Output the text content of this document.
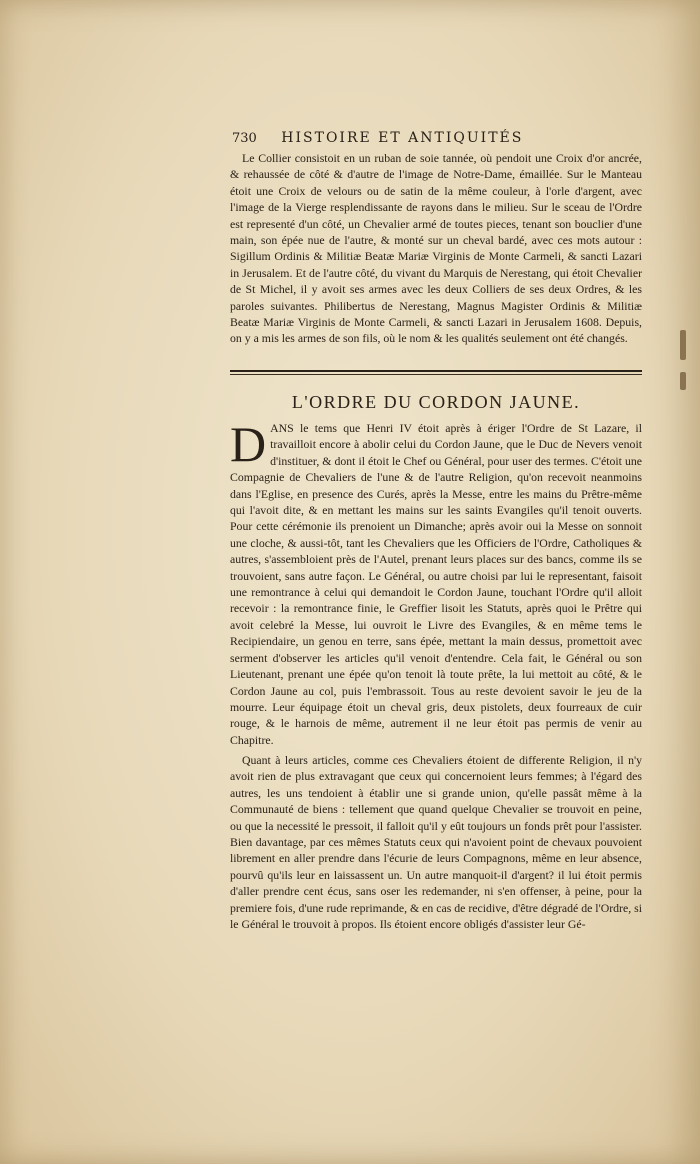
730 HISTOIRE ET ANTIQUITÉS
Le Collier consistoit en un ruban de soie tannée, où pendoit une Croix d'or ancrée, & rehaussée de côté & d'autre de l'image de Notre-Dame, émaillée. Sur le Manteau étoit une Croix de velours ou de satin de la même couleur, à l'orle d'argent, avec l'image de la Vierge resplendissante de rayons dans le milieu. Sur le sceau de l'Ordre est representé d'un côté, un Chevalier armé de toutes pieces, tenant son bouclier d'une main, son épée nue de l'autre, & monté sur un cheval bardé, avec ces mots autour : Sigillum Ordinis & Militiæ Beatæ Mariæ Virginis de Monte Carmeli, & sancti Lazari in Jerusalem. Et de l'autre côté, du vivant du Marquis de Nerestang, qui étoit Chevalier de St Michel, il y avoit ses armes avec les deux Colliers de ses deux Ordres, & les paroles suivantes. Philibertus de Nerestang, Magnus Magister Ordinis & Militiæ Beatæ Mariæ Virginis de Monte Carmeli, & sancti Lazari in Jerusalem 1608. Depuis, on y a mis les armes de son fils, où le nom & les qualités seulement ont été changés.
L'ORDRE DU CORDON JAUNE.
D ANS le tems que Henri IV étoit après à ériger l'Ordre de St Lazare, il travailloit encore à abolir celui du Cordon Jaune, que le Duc de Nevers venoit d'instituer, & dont il étoit le Chef ou Général, pour user des termes. C'étoit une Compagnie de Chevaliers de l'une & de l'autre Religion, qu'on recevoit neanmoins dans l'Eglise, en presence des Curés, après la Messe, entre les mains du Prêtre-même qui l'avoit dite, & en mettant les mains sur les saints Evangiles qu'il tenoit ouverts. Pour cette cérémonie ils prenoient un Dimanche; après avoir oui la Messe on sonnoit une cloche, & aussi-tôt, tant les Chevaliers que les Officiers de l'Ordre, Catholiques & autres, s'assembloient près de l'Autel, prenant leurs places sur des bancs, comme ils se trouvoient, sans autre façon. Le Général, ou autre choisi par lui le representant, faisoit une remontrance à celui qui demandoit le Cordon Jaune, touchant l'Ordre qu'il alloit recevoir : la remontrance finie, le Greffier lisoit les Statuts, après quoi le Prêtre qui avoit celebré la Messe, lui ouvroit le Livre des Evangiles, & en même tems le Recipiendaire, un genou en terre, sans épée, mettant la main dessus, promettoit avec serment d'observer les articles qu'il venoit d'entendre. Cela fait, le Général ou son Lieutenant, prenant une épée qu'on tenoit là toute prête, la lui mettoit au côté, & le Cordon Jaune au col, puis l'embrassoit. Tous au reste devoient savoir le jeu de la mourre. Leur équipage étoit un cheval gris, deux pistolets, deux fourreaux de cuir rouge, & le harnois de même, autrement il ne leur étoit pas permis de venir au Chapitre.
Quant à leurs articles, comme ces Chevaliers étoient de differente Religion, il n'y avoit rien de plus extravagant que ceux qui concernoient leurs femmes; à l'égard des autres, les uns tendoient à établir une si grande union, qu'elle passât même à la Communauté de biens : tellement que quand quelque Chevalier se trouvoit en peine, ou que la necessité le pressoit, il falloit qu'il y eût toujours un fonds prêt pour l'assister. Bien davantage, par ces mêmes Statuts ceux qui n'avoient point de chevaux pouvoient librement en aller prendre dans l'écurie de leurs Compagnons, même en leur absence, pourvû qu'ils leur en laissassent un. Un autre manquoit-il d'argent? il lui étoit permis d'aller prendre cent écus, sans oser les redemander, ni s'en offenser, à peine, pour la premiere fois, d'une rude reprimande, & en cas de recidive, d'être dégradé de l'Ordre, si le Général le trouvoit à propos. Ils étoient encore obligés d'assister leur Gé-
